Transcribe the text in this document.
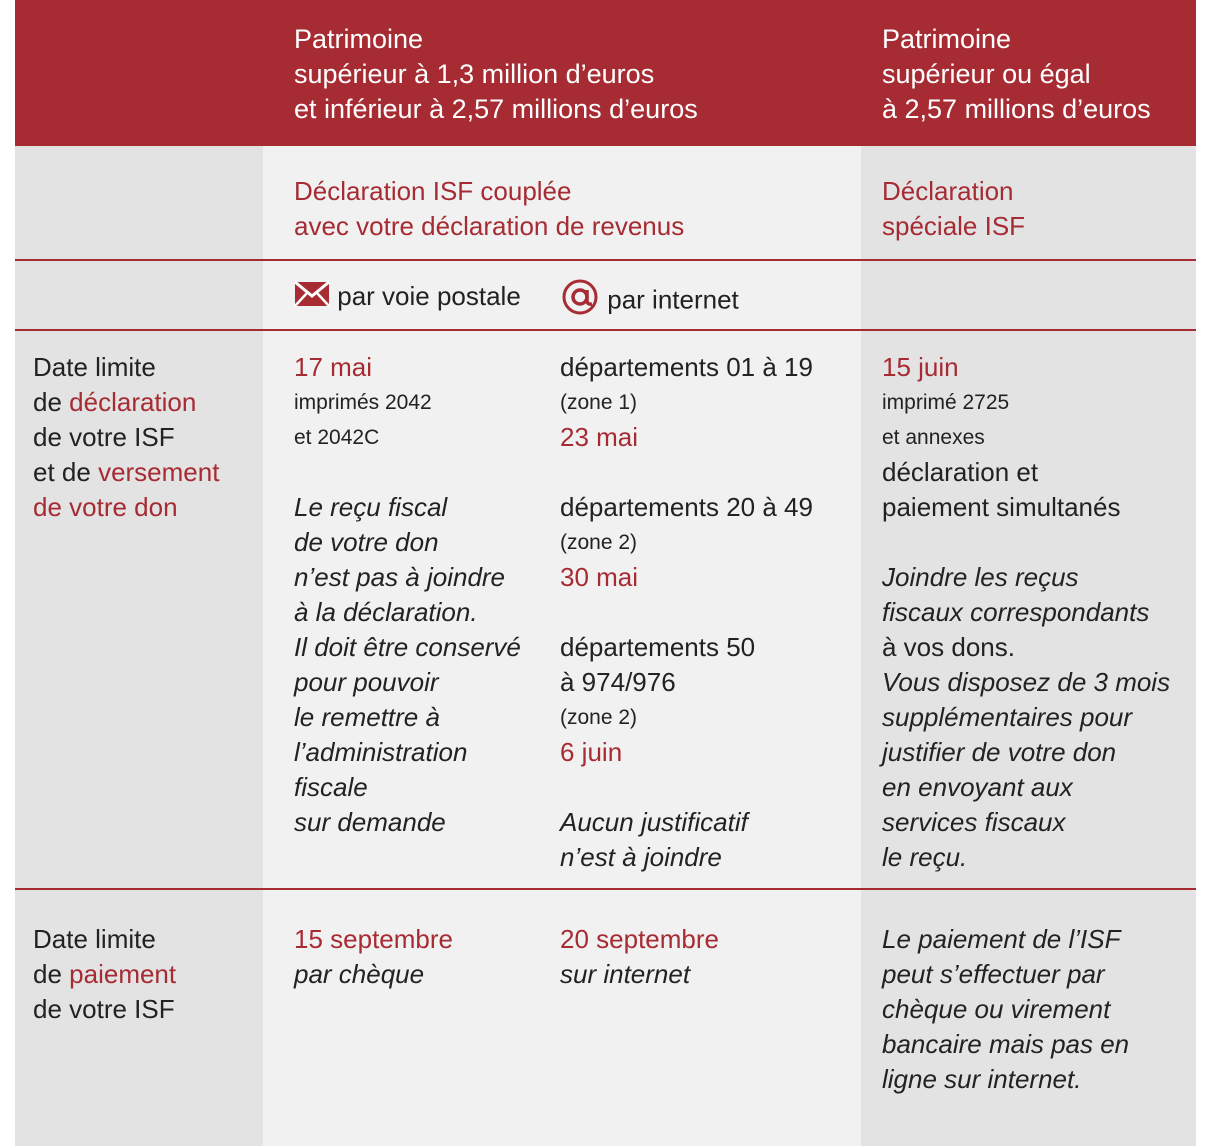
Patrimoine
supérieur à 1,3 million d’euros
et inférieur à 2,57 millions d’euros
Patrimoine
supérieur ou égal
à 2,57 millions d’euros
Déclaration ISF couplée
avec votre déclaration de revenus
Déclaration
spéciale ISF
par voie postale	par internet
Date limite
de déclaration
de votre ISF
et de versement
de votre don
17 mai
imprimés 2042
et 2042C

Le reçu fiscal
de votre don
n’est pas à joindre
à la déclaration.
Il doit être conservé
pour pouvoir
le remettre à
l’administration
fiscale
sur demande
départements 01 à 19
(zone 1)
23 mai

départements 20 à 49
(zone 2)
30 mai

départements 50
à 974/976
(zone 2)
6 juin

Aucun justificatif
n’est à joindre
15 juin
imprimé 2725
et annexes
déclaration et
paiement simultanés

Joindre les reçus
fiscaux correspondants
à vos dons.
Vous disposez de 3 mois
supplémentaires pour
justifier de votre don
en envoyant aux
services fiscaux
le reçu.
Date limite
de paiement
de votre ISF
15 septembre
par chèque
20 septembre
sur internet
Le paiement de l’ISF
peut s’effectuer par
chèque ou virement
bancaire mais pas en
ligne sur internet.
